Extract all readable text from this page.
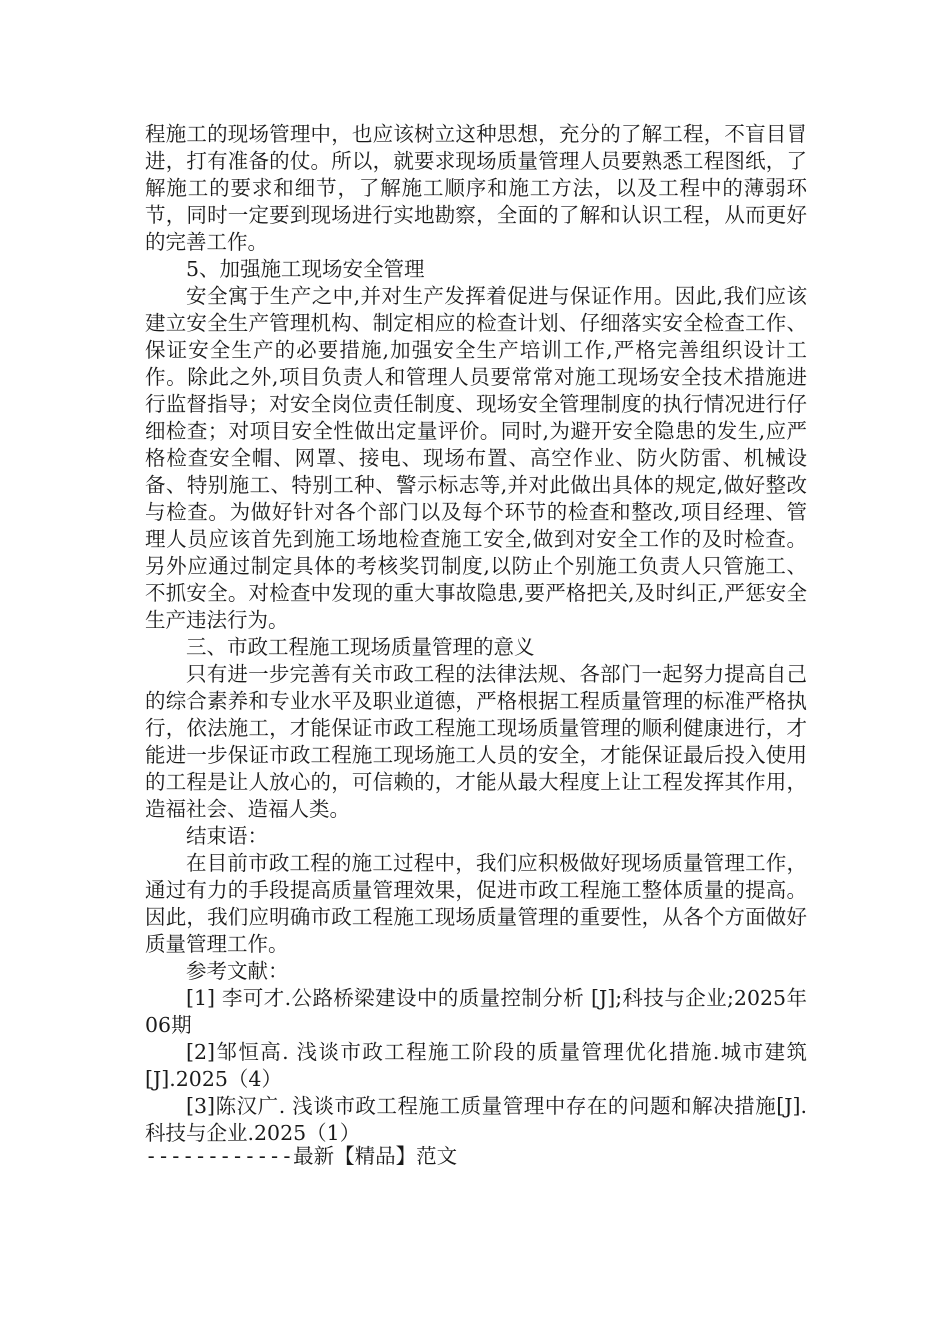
程施工的现场管理中，也应该树立这种思想，充分的了解工程，不盲目冒进，打有准备的仗。所以，就要求现场质量管理人员要熟悉工程图纸，了解施工的要求和细节，了解施工顺序和施工方法，以及工程中的薄弱环节，同时一定要到现场进行实地勘察，全面的了解和认识工程，从而更好的完善工作。

5、加强施工现场安全管理

安全寓于生产之中,并对生产发挥着促进与保证作用。因此,我们应该建立安全生产管理机构、制定相应的检查计划、仔细落实安全检查工作、保证安全生产的必要措施,加强安全生产培训工作,严格完善组织设计工作。除此之外,项目负责人和管理人员要常常对施工现场安全技术措施进行监督指导；对安全岗位责任制度、现场安全管理制度的执行情况进行仔细检查；对项目安全性做出定量评价。同时,为避开安全隐患的发生,应严格检查安全帽、网罩、接电、现场布置、高空作业、防火防雷、机械设备、特别施工、特别工种、警示标志等,并对此做出具体的规定,做好整改与检查。为做好针对各个部门以及每个环节的检查和整改,项目经理、管理人员应该首先到施工场地检查施工安全,做到对安全工作的及时检查。另外应通过制定具体的考核奖罚制度,以防止个别施工负责人只管施工、不抓安全。对检查中发现的重大事故隐患,要严格把关,及时纠正,严惩安全生产违法行为。

三、市政工程施工现场质量管理的意义

只有进一步完善有关市政工程的法律法规、各部门一起努力提高自己的综合素养和专业水平及职业道德，严格根据工程质量管理的标准严格执行，依法施工，才能保证市政工程施工现场质量管理的顺利健康进行，才能进一步保证市政工程施工现场施工人员的安全，才能保证最后投入使用的工程是让人放心的，可信赖的，才能从最大程度上让工程发挥其作用，造福社会、造福人类。

结束语：

在目前市政工程的施工过程中，我们应积极做好现场质量管理工作，通过有力的手段提高质量管理效果，促进市政工程施工整体质量的提高。因此，我们应明确市政工程施工现场质量管理的重要性，从各个方面做好质量管理工作。

参考文献：

[1] 李可才.公路桥梁建设中的质量控制分析 [J];科技与企业;2025年06期

[2]邹恒高. 浅谈市政工程施工阶段的质量管理优化措施.城市建筑[J].2025（4）

[3]陈汉广. 浅谈市政工程施工质量管理中存在的问题和解决措施[J].科技与企业.2025（1）

------------最新【精品】范文
